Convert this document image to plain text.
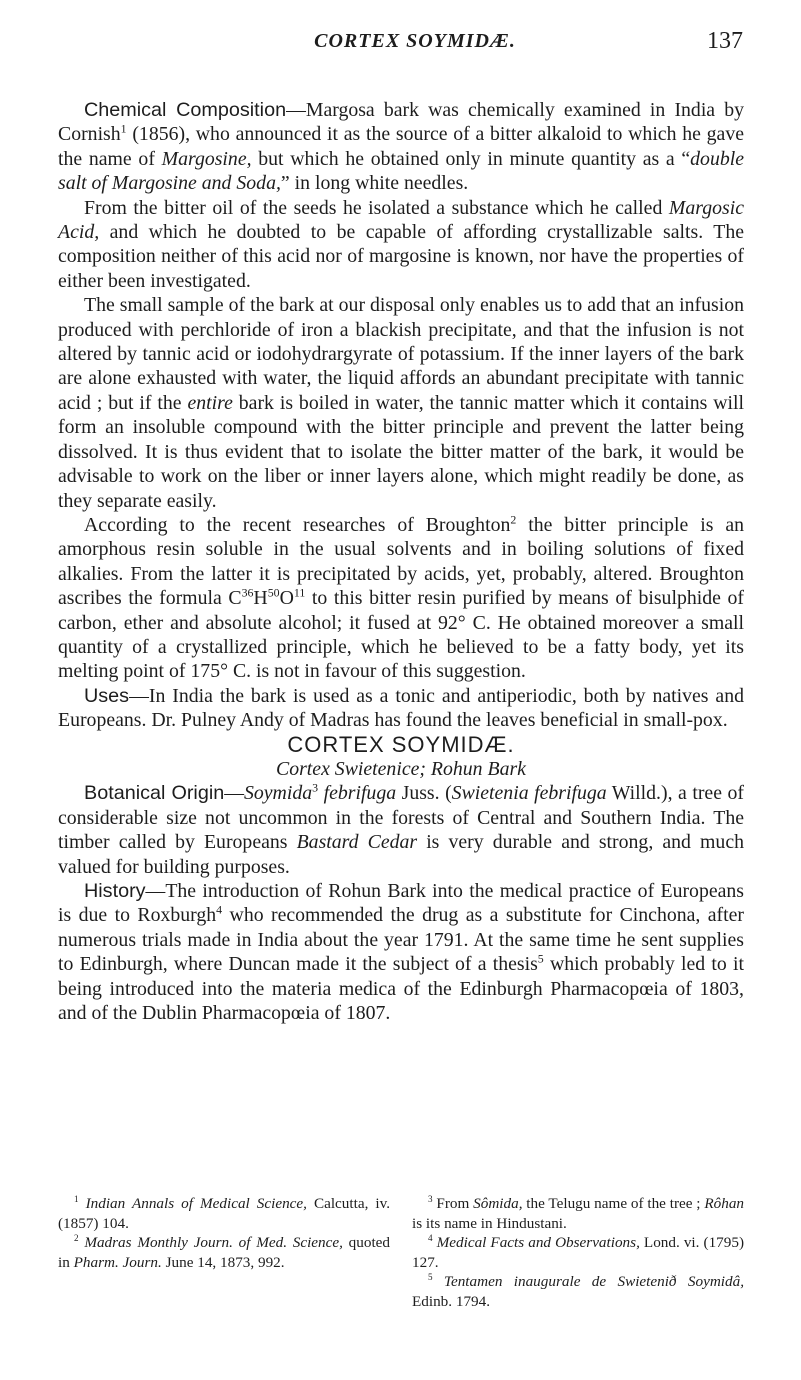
CORTEX SOYMIDÆ.	137

Chemical Composition—Margosa bark was chemically examined in India by Cornish$^1$ (1856), who announced it as the source of a bitter alkaloid to which he gave the name of Margosine, but which he obtained only in minute quantity as a “double salt of Margosine and Soda,” in long white needles.

From the bitter oil of the seeds he isolated a substance which he called Margosic Acid, and which he doubted to be capable of affording crystallizable salts. The composition neither of this acid nor of margosine is known, nor have the properties of either been investigated.

The small sample of the bark at our disposal only enables us to add that an infusion produced with perchloride of iron a blackish precipitate, and that the infusion is not altered by tannic acid or iodohydrargyrate of potassium. If the inner layers of the bark are alone exhausted with water, the liquid affords an abundant precipitate with tannic acid ; but if the entire bark is boiled in water, the tannic matter which it contains will form an insoluble compound with the bitter principle and prevent the latter being dissolved. It is thus evident that to isolate the bitter matter of the bark, it would be advisable to work on the liber or inner layers alone, which might readily be done, as they separate easily.

According to the recent researches of Broughton$^2$ the bitter principle is an amorphous resin soluble in the usual solvents and in boiling solutions of fixed alkalies. From the latter it is precipitated by acids, yet, probably, altered. Broughton ascribes the formula $C^{36}H^{50}O^{11}$ to this bitter resin purified by means of bisulphide of carbon, ether and absolute alcohol; it fused at 92° C. He obtained moreover a small quantity of a crystallized principle, which he believed to be a fatty body, yet its melting point of 175° C. is not in favour of this suggestion.

Uses—In India the bark is used as a tonic and antiperiodic, both by natives and Europeans. Dr. Pulney Andy of Madras has found the leaves beneficial in small-pox.

CORTEX SOYMIDÆ.

Cortex Swietenice; Rohun Bark

Botanical Origin—Soymida$^3$ febrifuga Juss. (Swietenia febrifuga Willd.), a tree of considerable size not uncommon in the forests of Central and Southern India. The timber called by Europeans Bastard Cedar is very durable and strong, and much valued for building purposes.

History—The introduction of Rohun Bark into the medical practice of Europeans is due to Roxburgh$^4$ who recommended the drug as a substitute for Cinchona, after numerous trials made in India about the year 1791. At the same time he sent supplies to Edinburgh, where Duncan made it the subject of a thesis$^5$ which probably led to it being introduced into the materia medica of the Edinburgh Pharmacopœia of 1803, and of the Dublin Pharmacopœia of 1807.

$^1$ Indian Annals of Medical Science, Calcutta, iv. (1857) 104.

$^2$ Madras Monthly Journ. of Med. Science, quoted in Pharm. Journ. June 14, 1873, 992.

$^3$ From Sômida, the Telugu name of the tree ; Rôhan is its name in Hindustani.

$^4$ Medical Facts and Observations, Lond. vi. (1795) 127.

$^5$ Tentamen inaugurale de Swietenið Soymidâ, Edinb. 1794.
